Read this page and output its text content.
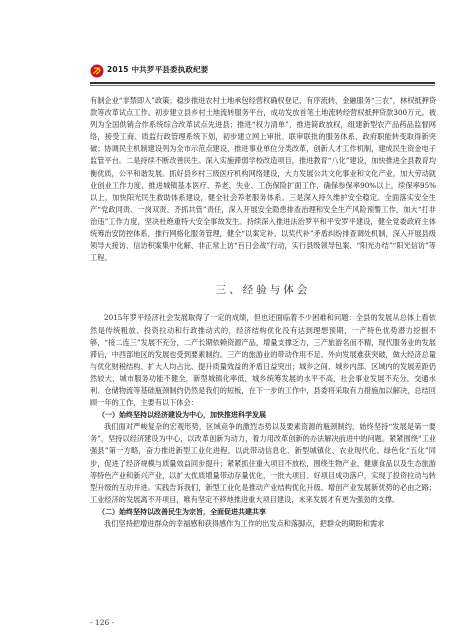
2015 中共罗平县委执政纪要

有制企业“非禁即入”政策；稳步推进农村土地承包经营权确权登记，有序流转，金融服务“三农”，林权抵押贷款等改革试点工作。初步建立县乡村土地流转服务平台，成功发放首笔土地流转经营权抵押贷款300万元。被列为全国供销合作系统综合改革试点先进县；推进“权力清单”、推进简政放权，组建新型农产品药品监督网络，接受工商、质监行政管理系统下划，初步建立网上审批、联审联批的服务体系，政府职能转变取得新突破；协调民主机制建设列为全市示范点建设，推进事业单位分类改革，创新人才工作机制，建成民生资金电子监管平台。二是持续不断改善民生。深入实施滞弱学校改造项目，推进教育“八化”建设，加快推进全县教育均衡优质，公平和谐发展。抓好县乡村三级医疗机构网络建设，大力发展公共文化事业和文化产业，加大劳动就业创业工作力度，推进城镇基本医疗、养老、失业、工伤保险扩面工作，确保参保率90%以上，续保率95%以上，加快阳光民生救助体系建设，健全社会养老服务体系。三是深入持久维护安全稳定。全面落实安全生产“党政同责、一岗双责、齐抓共管”责任，深入开展安全隐患排查治理和安全生产风险预警工作，加大“打非治违”工作力度，坚决杜绝重特大安全事故发生。持续深入推进法治罗平和平安罗平建设，健全党委政府主体统筹治安防控体系，推行网格化服务管理，健全“以案定补、以奖代补”矛盾纠纷排查调处机制，深入开展县级领导大接访、信访积案集中化解、非正常上访“百日会战”行动，实行县级领导包案、“阳光办结”“阳光信访”等工程。

三、经验与体会

2015年罗平经济社会发展取得了一定的成绩，但也还面临着不少困难和问题：全县的发展从总体上看依然是传统粗放、投资拉动和行政推动式的，经济结构优化没有达到理想预期，一产特色优势潜力挖掘不够，“接二连三”发展不充分，二产长期依赖资源产品，增量支撑乏力，三产旅游名而不精，现代服务业的发展滞后，中西部地区的发展也受到要素制约。三产的旅游业的带动作用不足、外向发展难获突破，做大经济总量与优化财税结构、扩大人均占比、提升质量效益的矛盾日益突出；城乡之间、城乡内部、区域内的发展差距仍然较大，城市服务功能不健全，新型城镇化率低，城乡统筹发展的水平不高，社会事业发展不充分，交通水利、仓储物流等基础瓶颈制约仍然是我们的短板，在下一步的工作中，县委将采取有力措施加以解决，总结回顾一年的工作，主要有以下体会：

（一）始终坚持以经济建设为中心，加快推进科学发展

我们面对严峻复杂的宏观形势，区域竞争的激烈态势以及要素资源的瓶颈制约，始终坚持“发展是第一要务”，坚持以经济建设为中心，以改革创新为动力，着力用改革创新的办法解决前进中的问题。紧紧围绕“工业强县”第一方略，奋力推进新型工业化进程，以此带动信息化、新型城镇化、农业现代化、绿色化“五化”同步，促进了经济规模与质量效益同步提升；紧紧抓住重大项目不放松，围绕生物产业、健康食品以及生态旅游等特色产业和新兴产业，以扩大优质增量带动存量优化，一批大项目、好项目成功落户，实现了投资拉动与转型升级的互动并进。实践告诉我们，新型工业化是推动产业结构优化升级、增创产业发展新优势的必由之路；工业经济的发展离不开项目，唯有坚定不移地推进重大项目建设，未来发展才有更为强劲的支撑。

（二）始终坚持以改善民生为宗旨，全面促进共建共享

我们坚持把增进群众的幸福感和获得感作为工作的出发点和落脚点，把群众的期盼和需求

- 126 -
